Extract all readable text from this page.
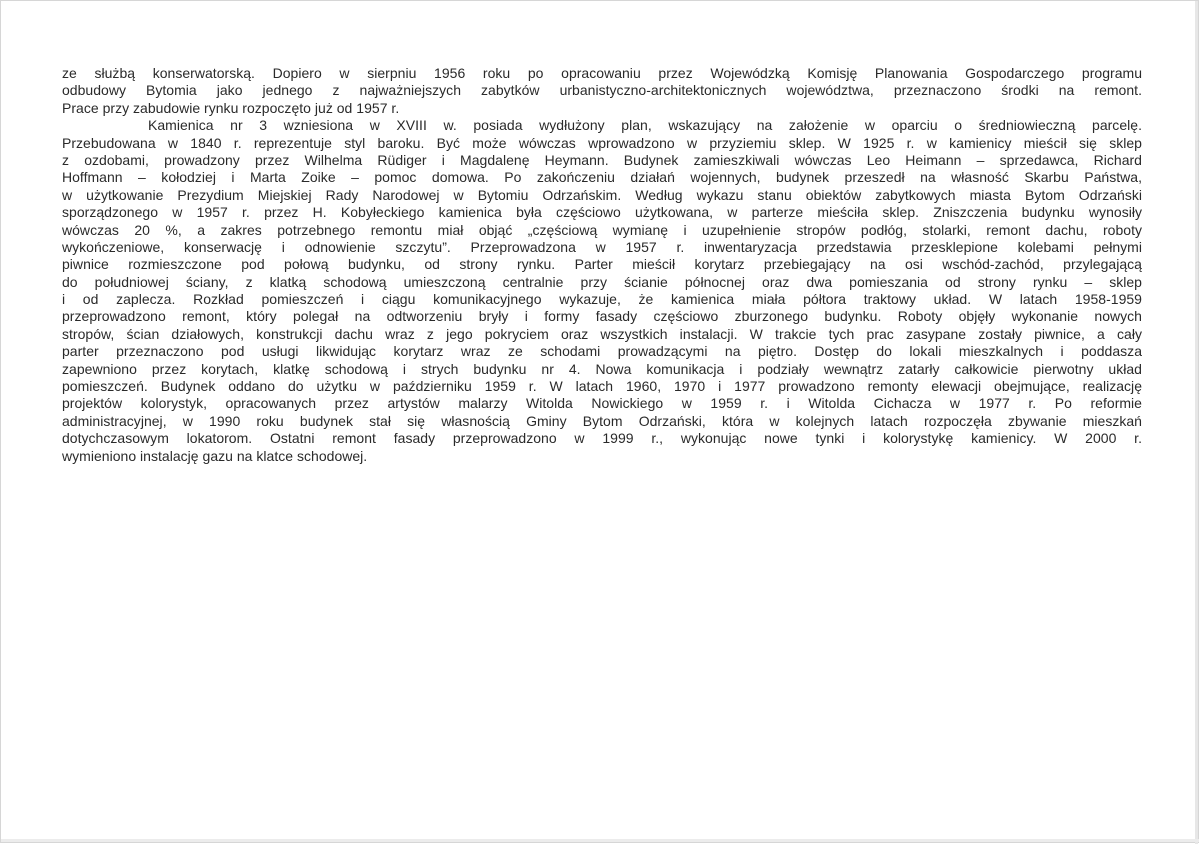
ze służbą konserwatorską. Dopiero w sierpniu 1956 roku po opracowaniu przez Wojewódzką Komisję Planowania Gospodarczego programu
odbudowy Bytomia jako jednego z najważniejszych zabytków urbanistyczno-architektonicznych województwa, przeznaczono środki na remont.
Prace przy zabudowie rynku rozpoczęto już od 1957 r.
Kamienica nr 3 wzniesiona w XVIII w. posiada wydłużony plan, wskazujący na założenie w oparciu o średniowieczną parcelę.
Przebudowana w 1840 r. reprezentuje styl baroku. Być może wówczas wprowadzono w przyziemiu sklep. W 1925 r. w kamienicy mieścił się sklep
z ozdobami, prowadzony przez Wilhelma Rüdiger i Magdalenę Heymann. Budynek zamieszkiwali wówczas Leo Heimann – sprzedawca, Richard
Hoffmann – kołodziej i Marta Zoike – pomoc domowa. Po zakończeniu działań wojennych, budynek przeszedł na własność Skarbu Państwa,
w użytkowanie Prezydium Miejskiej Rady Narodowej w Bytomiu Odrzańskim. Według wykazu stanu obiektów zabytkowych miasta Bytom Odrzański
sporządzonego w 1957 r. przez H. Kobyłeckiego kamienica była częściowo użytkowana, w parterze mieściła sklep. Zniszczenia budynku wynosiły
wówczas 20 %, a zakres potrzebnego remontu miał objąć „częściową wymianę i uzupełnienie stropów podłóg, stolarki, remont dachu, roboty
wykończeniowe, konserwację i odnowienie szczytu”. Przeprowadzona w 1957 r. inwentaryzacja przedstawia przesklepione kolebami pełnymi
piwnice rozmieszczone pod połową budynku, od strony rynku. Parter mieścił korytarz przebiegający na osi wschód-zachód, przylegającą
do południowej ściany, z klatką schodową umieszczoną centralnie przy ścianie północnej oraz dwa pomieszania od strony rynku – sklep
i od zaplecza. Rozkład pomieszczeń i ciągu komunikacyjnego wykazuje, że kamienica miała półtora traktowy układ. W latach 1958-1959
przeprowadzono remont, który polegał na odtworzeniu bryły i formy fasady częściowo zburzonego budynku. Roboty objęły wykonanie nowych
stropów, ścian działowych, konstrukcji dachu wraz z jego pokryciem oraz wszystkich instalacji. W trakcie tych prac zasypane zostały piwnice, a cały
parter przeznaczono pod usługi likwidując korytarz wraz ze schodami prowadzącymi na piętro. Dostęp do lokali mieszkalnych i poddasza
zapewniono przez korytach, klatkę schodową i strych budynku nr 4. Nowa komunikacja i podziały wewnątrz zatarły całkowicie pierwotny układ
pomieszczeń. Budynek oddano do użytku w październiku 1959 r. W latach 1960, 1970 i 1977 prowadzono remonty elewacji obejmujące, realizację
projektów kolorystyk, opracowanych przez artystów malarzy Witolda Nowickiego w 1959 r. i Witolda Cichacza w 1977 r. Po reformie
administracyjnej, w 1990 roku budynek stał się własnością Gminy Bytom Odrzański, która w kolejnych latach rozpoczęła zbywanie mieszkań
dotychczasowym lokatorom. Ostatni remont fasady przeprowadzono w 1999 r., wykonując nowe tynki i kolorystykę kamienicy. W 2000 r.
wymieniono instalację gazu na klatce schodowej.
